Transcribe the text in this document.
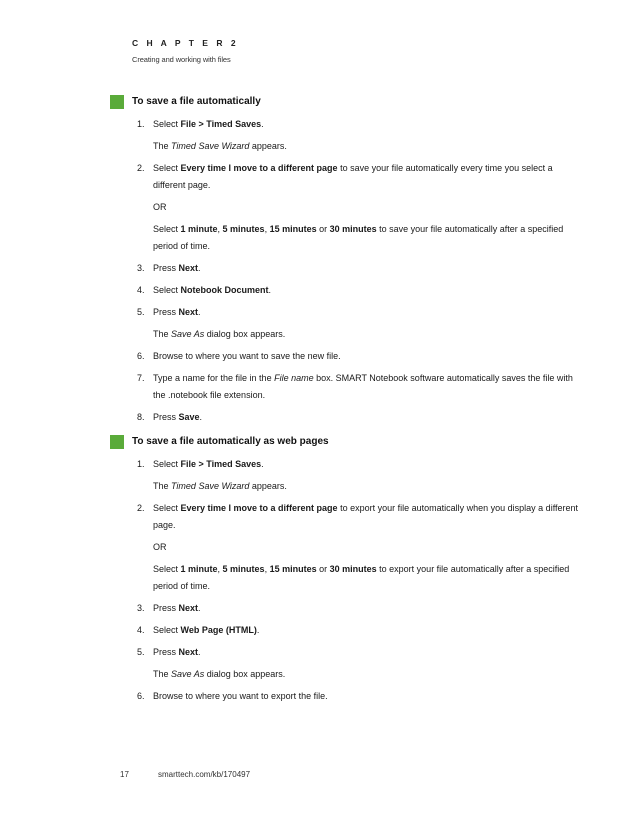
C H A P T E R 2
Creating and working with files
To save a file automatically
1. Select File > Timed Saves.
The Timed Save Wizard appears.
2. Select Every time I move to a different page to save your file automatically every time you select a different page.
OR
Select 1 minute, 5 minutes, 15 minutes or 30 minutes to save your file automatically after a specified period of time.
3. Press Next.
4. Select Notebook Document.
5. Press Next.
The Save As dialog box appears.
6. Browse to where you want to save the new file.
7. Type a name for the file in the File name box. SMART Notebook software automatically saves the file with the .notebook file extension.
8. Press Save.
To save a file automatically as web pages
1. Select File > Timed Saves.
The Timed Save Wizard appears.
2. Select Every time I move to a different page to export your file automatically when you display a different page.
OR
Select 1 minute, 5 minutes, 15 minutes or 30 minutes to export your file automatically after a specified period of time.
3. Press Next.
4. Select Web Page (HTML).
5. Press Next.
The Save As dialog box appears.
6. Browse to where you want to export the file.
17	smarttech.com/kb/170497
